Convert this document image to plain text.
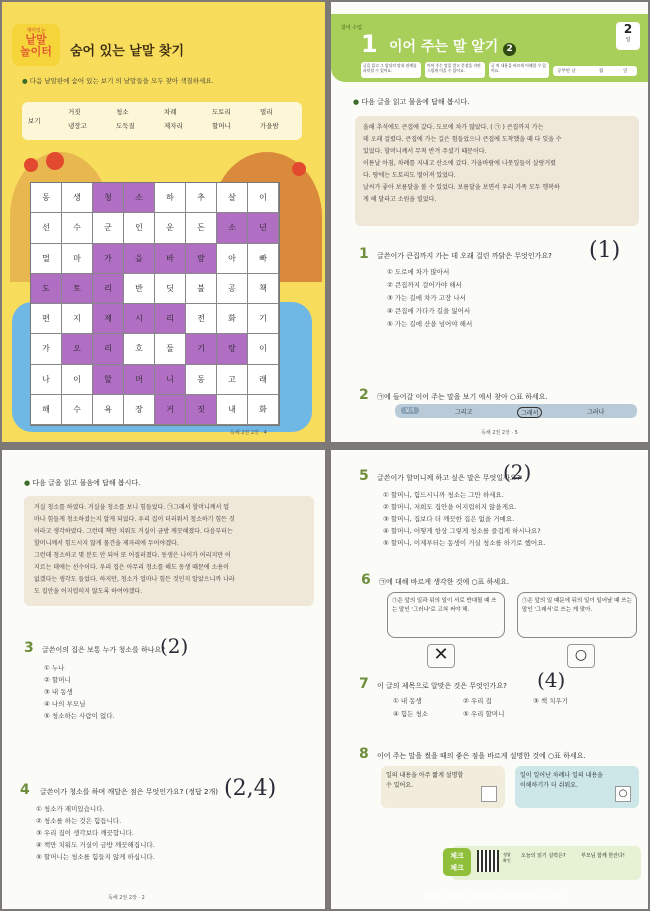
재미있는
낱말
놀이터	숨어 있는 낱말 찾기
● 다음 낱말판에 숨어 있는 보기 의 낱말들을 모두 찾아 색칠하세요.
보기
거짓	청소	차례	도토리	멀리
냉장고	도둑질	제자리	할머니	가을밤
동	생	청	소	하	추	살	이
선	수	군	인	운	돈	소	년
멀	마	가	을	바	람	아	빠
도	토	리	반	딧	불	공	책
편	지	제	시	리	전	화	기
가	오	리	호	둘	기	랑	이
나	이	할	머	니	동	고	래
해	수	욕	장	거	짓	내	화
독해 2권 2장 · 4
참여 수업
1 이어 주는 말 알기 2
2
일
글을 읽고 그 앞뒤의 말과 관계를 파악할 수 있어요.
이어 주는 말을 알고 문장을 자연스럽게 이을 수 있어요.
글 의 내용을 바르게 이해할 수 있어요.	공부한 날	월	일
● 다음 글을 읽고 물음에 답해 봅시다.

올해 추석에도 큰집에 갔다. 도로에 차가 많았다. ( ㉠ ) 큰집까지 가는

데 오래 걸렸다. 큰집에 가는 길은 험들었으나 큰집에 도착했을 때 다 잊을 수

있었다. 할머니께서 무척 반겨 주셨기 때문이다.

이튿날 아침, 차례를 지내고 산소에 갔다. 가을바람에 나뭇잎들이 살랑거렸

다. 땅에는 도토리도 떨어져 있었다.

날씨가 좋아 보름달을 볼 수 있었다. 보름달을 보면서 우리 가족 모두 행복하

게 해 달라고 소원을 빌었다.

1 글쓴이가 큰집까지 가는 데 오래 걸린 까닭은 무엇인가요? (1)
2 ㉠에 들어갈 이어 주는 말을 보기 에서 찾아 ○표 하세요.
보기	그리고	그래서	그러나
독해 2권 2장 · 5
① 도로에 차가 많아서
② 큰집까지 걸어가야 해서
③ 가는 길에 차가 고장 나서
④ 큰집에 가다가 길을 잃어서
⑤ 가는 길에 산을 넘어야 해서
● 다음 글을 읽고 물음에 답해 봅시다.

거실 청소를 하였다. 거실을 청소를 보니 힘들었다. ㉠그래서 할머니께서 얼

마나 힘들게 청소하셨는지 알게 되었다. 우리 집이 더러워서 청소하기 힘든 것

이라고 생각하였다. 그런데 책만 치워도 거실이 금방 깨끗해졌다. 다음부터는

할머니께서 힘드시지 않게 물건을 제자리에 두어야겠다.

그런데 청소하고 몇 분도 안 되어 또 어질러졌다. 동생은 나이가 어리지만 어

지르는 데에는 선수이다. 우리 집은 아무리 청소를 해도 동생 때문에 소용이

없겠다는 생각도 들었다. 하지만, 청소가 얼마나 힘든 것인지 알았으니까 나라

도 집안을 어지럽히지 않도록 하여야겠다.

3 글쓴이의 집은 보통 누가 청소를 하나요?
(2)
4 글쓴이가 청소를 하며 깨달은 점은 무엇인가요? (정답 2개) (2,4)
독해 2권 2장 · 2
① 누나
② 할머니
③ 내 동생
④ 나의 부모님
⑤ 청소하는 사람이 없다.
① 청소가 재미있습니다.
② 청소를 하는 것은 힘듭니다.
③ 우리 집이 생각보다 깨끗합니다.
④ 책만 치워도 거실이 금방 깨끗해집니다.
⑤ 할머니는 청소를 힘들지 않게 하십니다.
5 글쓴이가 할머니께 하고 싶은 말은 무엇일까요?
(2)
6 ㉠에 대해 바르게 생각한 것에 ○표 하세요.
㉠은 앞의 일과 뒤의 일이 서로 반대될 때 쓰는 말인 '그러나'로 고쳐 써야 해.
㉠은 앞의 일 때문에 뒤의 일이 일어날 때 쓰는 말인 '그래서'로 쓰는 게 맞아.
✕	○
7 이 글의 제목으로 알맞은 것은 무엇인가요? (4)
8 이어 주는 말을 썼을 때의 좋은 점을 바르게 설명한 것에 ○표 하세요.
일의 내용을 아주 짧게 설명할 수 있어요.
일이 일어난 차례나 일의 내용을 이해하기가 더 쉬워요.
○
체크
체크
정답 확인
오늘의 읽기 실력은?	부모님 함께 한잔다!
① 할머니, 힘드시니까 청소는 그만 하세요.
② 할머니, 저희도 집안을 어지럽히지 않을게요.
③ 할머니, 집보다 더 깨끗한 집은 없을 거예요.
④ 할머니, 어떻게 항상 그렇게 청소를 즐겁게 하시나요?
⑤ 할머니, 이제부터는 동생이 거실 청소를 하기로 했어요.
① 내 동생	② 우리 집	③ 책 치우기
④ 힘든 청소	⑤ 우리 할머니
http://blog.naver.com/mosi1030
